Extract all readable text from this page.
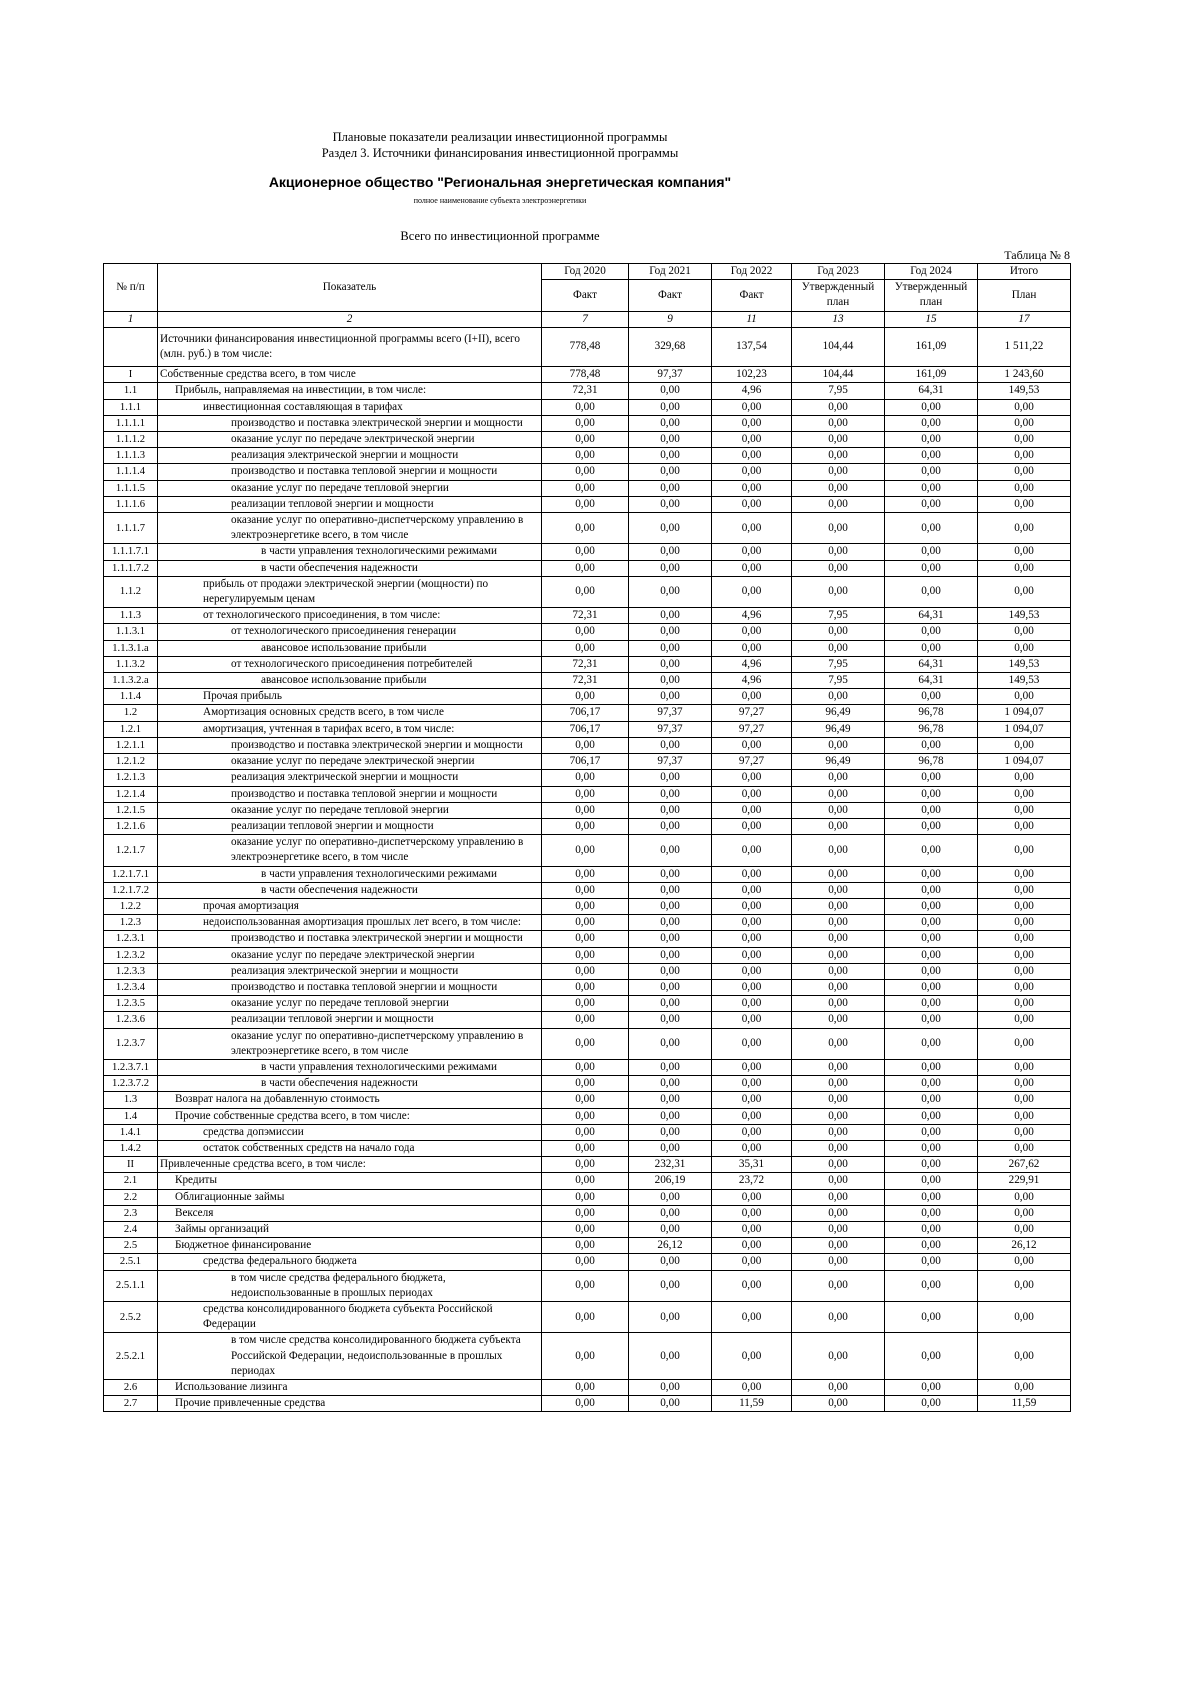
Плановые показатели реализации инвестиционной программы
Раздел 3. Источники финансирования инвестиционной программы
Акционерное общество "Региональная энергетическая компания"
полное наименование субъекта электроэнергетики
Всего по инвестиционной программе
Таблица № 8
№ п/п	Показатель	Год 2020	Год 2021	Год 2022	Год 2023	Год 2024	Итого
		Факт	Факт	Факт	Утвержденный план	Утвержденный план	План
1	2	7	9	11	13	15	17
	Источники финансирования инвестиционной программы всего (I+II), всего (млн. руб.) в том числе:	778,48	329,68	137,54	104,44	161,09	1 511,22
I	Собственные средства всего, в том числе	778,48	97,37	102,23	104,44	161,09	1 243,60
1.1	Прибыль, направляемая на инвестиции, в том числе:	72,31	0,00	4,96	7,95	64,31	149,53
1.1.1	инвестиционная составляющая в тарифах	0,00	0,00	0,00	0,00	0,00	0,00
1.1.1.1	производство и поставка электрической энергии и мощности	0,00	0,00	0,00	0,00	0,00	0,00
1.1.1.2	оказание услуг по передаче электрической энергии	0,00	0,00	0,00	0,00	0,00	0,00
1.1.1.3	реализация электрической энергии и мощности	0,00	0,00	0,00	0,00	0,00	0,00
1.1.1.4	производство и поставка тепловой энергии и мощности	0,00	0,00	0,00	0,00	0,00	0,00
1.1.1.5	оказание услуг по передаче тепловой энергии	0,00	0,00	0,00	0,00	0,00	0,00
1.1.1.6	реализации тепловой энергии и мощности	0,00	0,00	0,00	0,00	0,00	0,00
1.1.1.7	оказание услуг по оперативно-диспетчерскому управлению в электроэнергетике всего, в том числе	0,00	0,00	0,00	0,00	0,00	0,00
1.1.1.7.1	в части управления технологическими режимами	0,00	0,00	0,00	0,00	0,00	0,00
1.1.1.7.2	в части обеспечения надежности	0,00	0,00	0,00	0,00	0,00	0,00
1.1.2	прибыль от продажи электрической энергии (мощности) по нерегулируемым ценам	0,00	0,00	0,00	0,00	0,00	0,00
1.1.3	от технологического присоединения, в том числе:	72,31	0,00	4,96	7,95	64,31	149,53
1.1.3.1	от технологического присоединения генерации	0,00	0,00	0,00	0,00	0,00	0,00
1.1.3.1.a	авансовое использование прибыли	0,00	0,00	0,00	0,00	0,00	0,00
1.1.3.2	от технологического присоединения потребителей	72,31	0,00	4,96	7,95	64,31	149,53
1.1.3.2.a	авансовое использование прибыли	72,31	0,00	4,96	7,95	64,31	149,53
1.1.4	Прочая прибыль	0,00	0,00	0,00	0,00	0,00	0,00
1.2	Амортизация основных средств всего, в том числе	706,17	97,37	97,27	96,49	96,78	1 094,07
1.2.1	амортизация, учтенная в тарифах всего, в том числе:	706,17	97,37	97,27	96,49	96,78	1 094,07
1.2.1.1	производство и поставка электрической энергии и мощности	0,00	0,00	0,00	0,00	0,00	0,00
1.2.1.2	оказание услуг по передаче электрической энергии	706,17	97,37	97,27	96,49	96,78	1 094,07
1.2.1.3	реализация электрической энергии и мощности	0,00	0,00	0,00	0,00	0,00	0,00
1.2.1.4	производство и поставка тепловой энергии и мощности	0,00	0,00	0,00	0,00	0,00	0,00
1.2.1.5	оказание услуг по передаче тепловой энергии	0,00	0,00	0,00	0,00	0,00	0,00
1.2.1.6	реализации тепловой энергии и мощности	0,00	0,00	0,00	0,00	0,00	0,00
1.2.1.7	оказание услуг по оперативно-диспетчерскому управлению в электроэнергетике всего, в том числе	0,00	0,00	0,00	0,00	0,00	0,00
1.2.1.7.1	в части управления технологическими режимами	0,00	0,00	0,00	0,00	0,00	0,00
1.2.1.7.2	в части обеспечения надежности	0,00	0,00	0,00	0,00	0,00	0,00
1.2.2	прочая амортизация	0,00	0,00	0,00	0,00	0,00	0,00
1.2.3	недоиспользованная амортизация прошлых лет всего, в том числе:	0,00	0,00	0,00	0,00	0,00	0,00
1.2.3.1	производство и поставка электрической энергии и мощности	0,00	0,00	0,00	0,00	0,00	0,00
1.2.3.2	оказание услуг по передаче электрической энергии	0,00	0,00	0,00	0,00	0,00	0,00
1.2.3.3	реализация электрической энергии и мощности	0,00	0,00	0,00	0,00	0,00	0,00
1.2.3.4	производство и поставка тепловой энергии и мощности	0,00	0,00	0,00	0,00	0,00	0,00
1.2.3.5	оказание услуг по передаче тепловой энергии	0,00	0,00	0,00	0,00	0,00	0,00
1.2.3.6	реализации тепловой энергии и мощности	0,00	0,00	0,00	0,00	0,00	0,00
1.2.3.7	оказание услуг по оперативно-диспетчерскому управлению в электроэнергетике всего, в том числе	0,00	0,00	0,00	0,00	0,00	0,00
1.2.3.7.1	в части управления технологическими режимами	0,00	0,00	0,00	0,00	0,00	0,00
1.2.3.7.2	в части обеспечения надежности	0,00	0,00	0,00	0,00	0,00	0,00
1.3	Возврат налога на добавленную стоимость	0,00	0,00	0,00	0,00	0,00	0,00
1.4	Прочие собственные средства всего, в том числе:	0,00	0,00	0,00	0,00	0,00	0,00
1.4.1	средства допэмиссии	0,00	0,00	0,00	0,00	0,00	0,00
1.4.2	остаток собственных средств на начало года	0,00	0,00	0,00	0,00	0,00	0,00
II	Привлеченные средства всего, в том числе:	0,00	232,31	35,31	0,00	0,00	267,62
2.1	Кредиты	0,00	206,19	23,72	0,00	0,00	229,91
2.2	Облигационные займы	0,00	0,00	0,00	0,00	0,00	0,00
2.3	Векселя	0,00	0,00	0,00	0,00	0,00	0,00
2.4	Займы организаций	0,00	0,00	0,00	0,00	0,00	0,00
2.5	Бюджетное финансирование	0,00	26,12	0,00	0,00	0,00	26,12
2.5.1	средства федерального бюджета	0,00	0,00	0,00	0,00	0,00	0,00
2.5.1.1	в том числе средства федерального бюджета, недоиспользованные в прошлых периодах	0,00	0,00	0,00	0,00	0,00	0,00
2.5.2	средства консолидированного бюджета субъекта Российской Федерации	0,00	0,00	0,00	0,00	0,00	0,00
2.5.2.1	в том числе средства консолидированного бюджета субъекта Российской Федерации, недоиспользованные в прошлых периодах	0,00	0,00	0,00	0,00	0,00	0,00
2.6	Использование лизинга	0,00	0,00	0,00	0,00	0,00	0,00
2.7	Прочие привлеченные средства	0,00	0,00	11,59	0,00	0,00	11,59
